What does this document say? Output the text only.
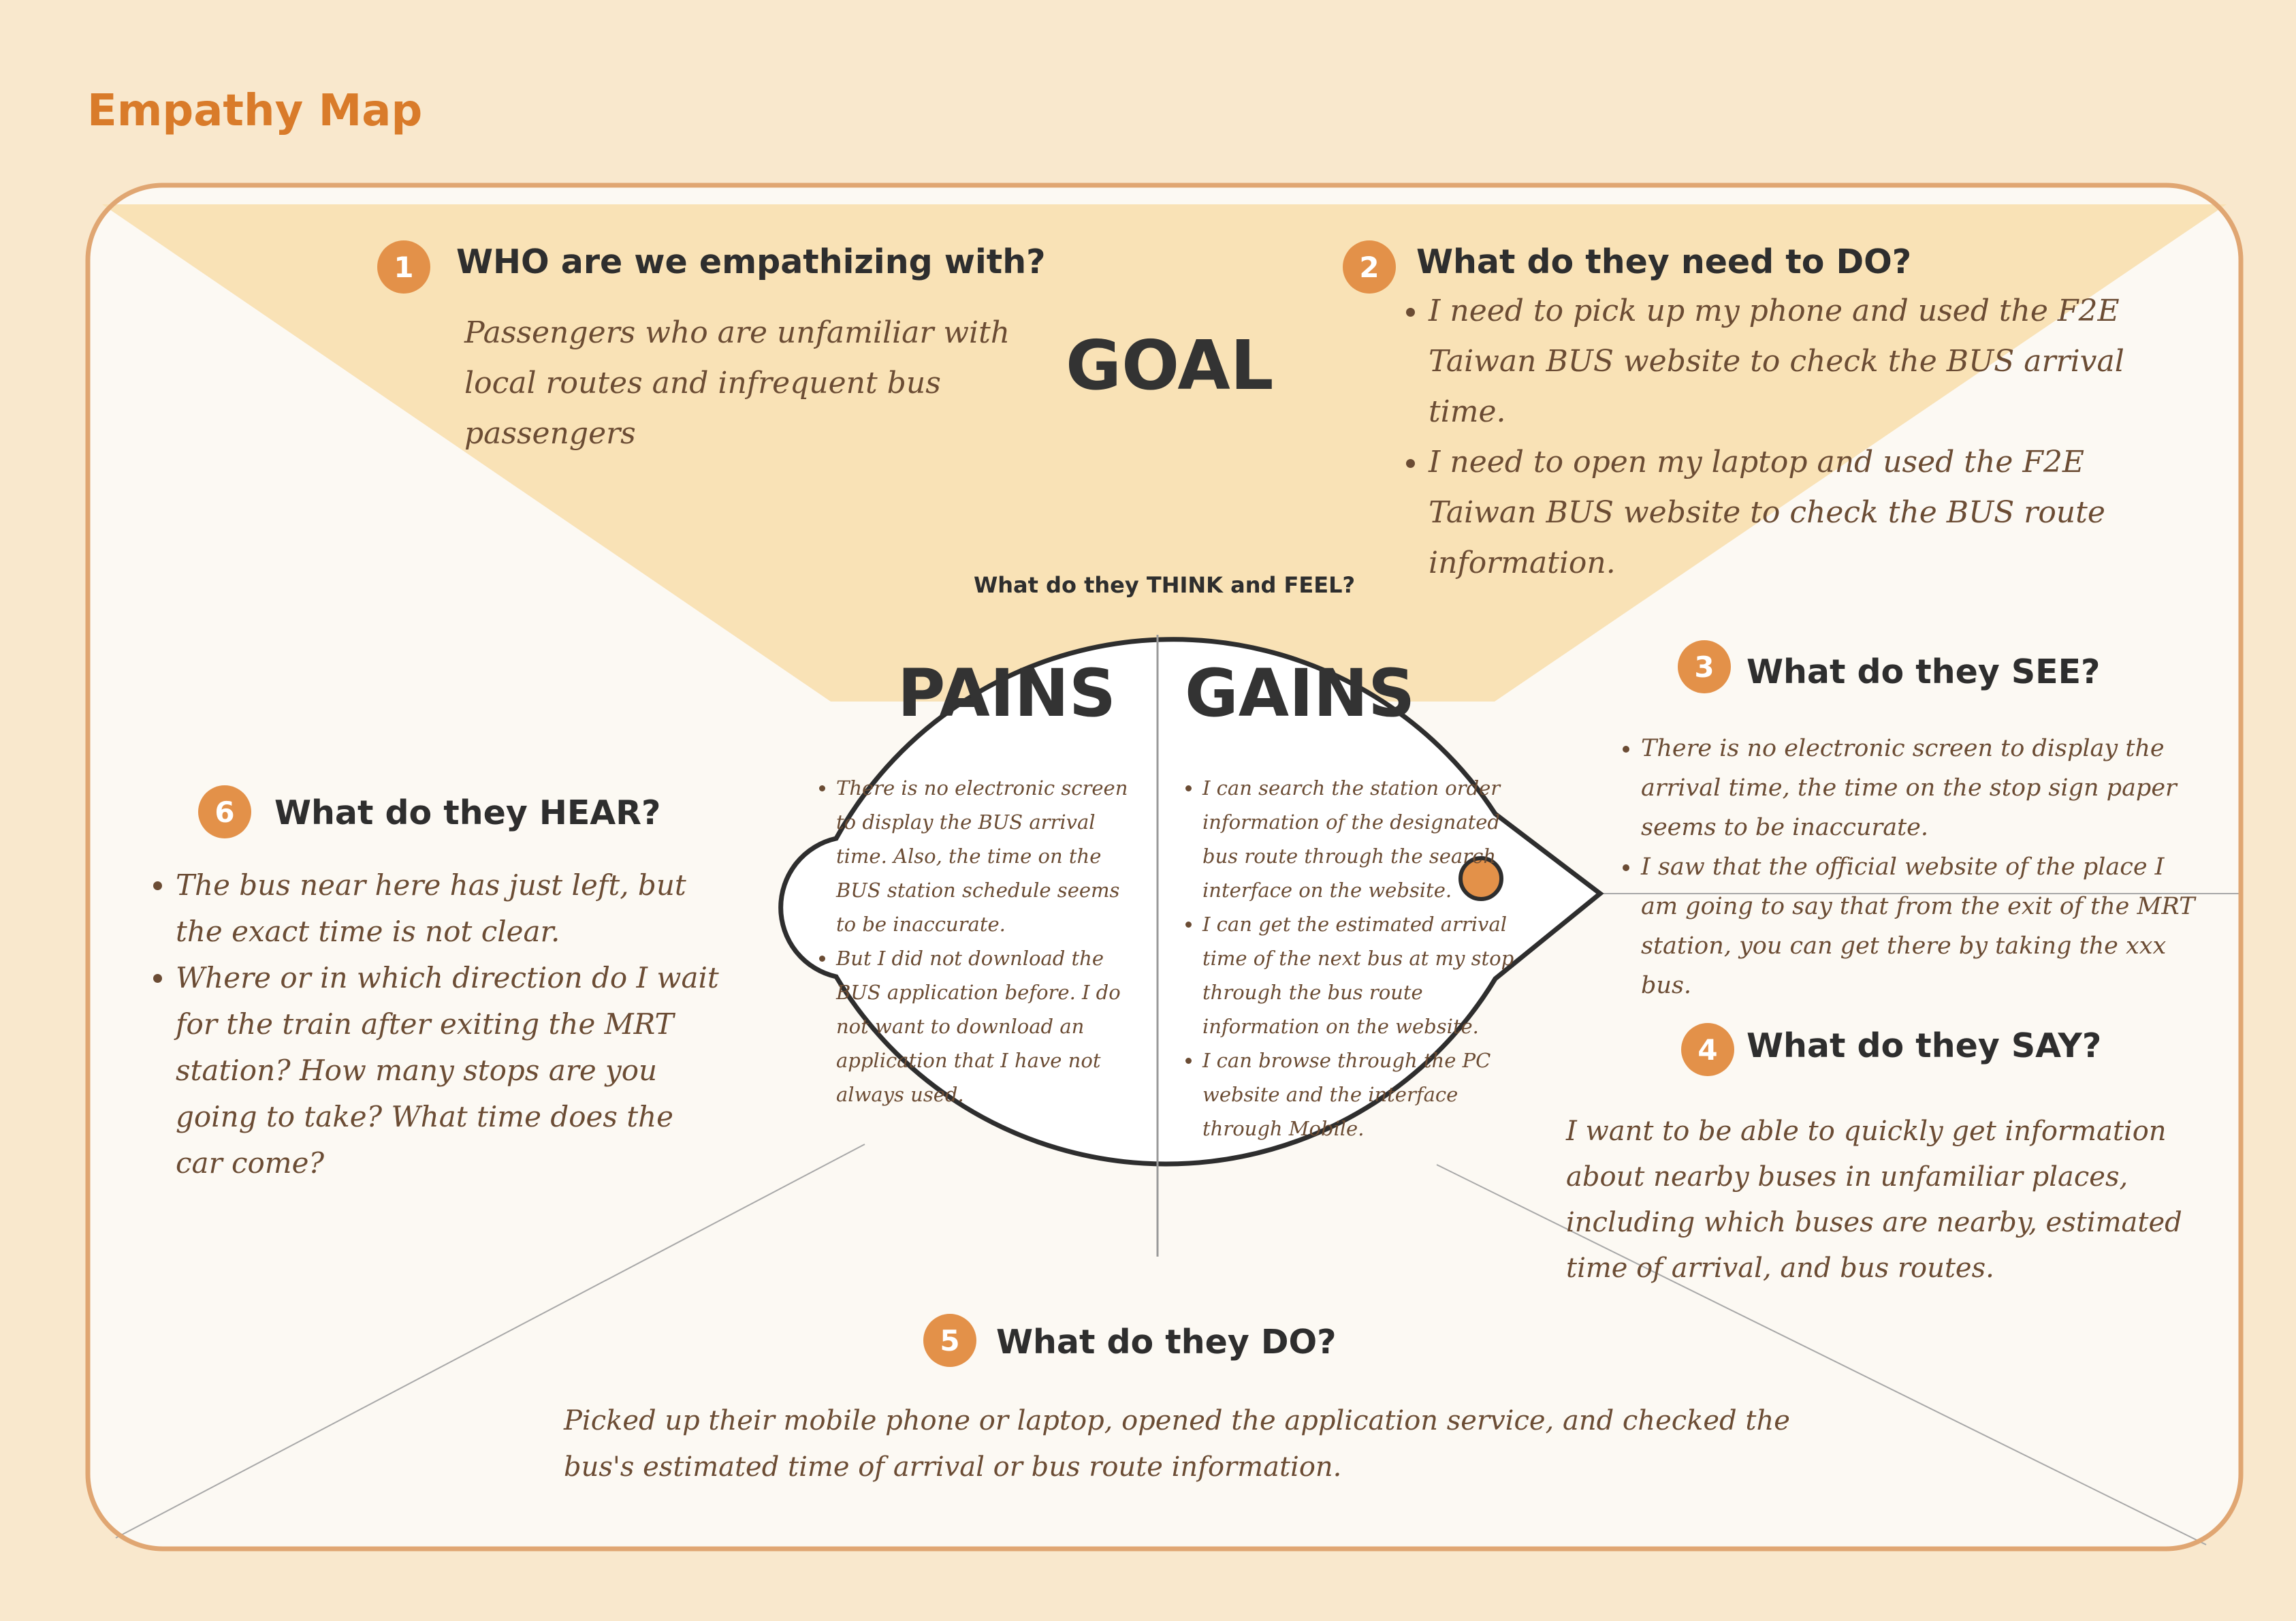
Empathy Map
1	WHO are we empathizing with?

Passengers who are unfamiliar with local routes and infrequent bus passengers

GOAL
2	What do they need to DO?
• I need to pick up my phone and used the F2E Taiwan BUS website to check the BUS arrival time.
• I need to open my laptop and used the F2E Taiwan BUS website to check the BUS route information.

What do they THINK and FEEL?

PAINS GAINS
• There is no electronic screen to display the BUS arrival time. Also, the time on the BUS station schedule seems to be inaccurate.
• But I did not download the BUS application before. I do not want to download an application that I have not always used.
• I can search the station order information of the designated bus route through the search interface on the website.
• I can get the estimated arrival time of the next bus at my stop through the bus route information on the website.
• I can browse through the PC website and the interface through Mobile.
3 What do they SEE?
• There is no electronic screen to display the arrival time, the time on the stop sign paper seems to be inaccurate.
• I saw that the official website of the place I am going to say that from the exit of the MRT station, you can get there by taking the xxx bus.
4 What do they SAY?

I want to be able to quickly get information about nearby buses in unfamiliar places, including which buses are nearby, estimated time of arrival, and bus routes.

5	What do they DO?

Picked up their mobile phone or laptop, opened the application service, and checked the bus's estimated time of arrival or bus route information.

6	What do they HEAR?
• The bus near here has just left, but the exact time is not clear.
• Where or in which direction do I wait for the train after exiting the MRT station? How many stops are you going to take? What time does the car come?
